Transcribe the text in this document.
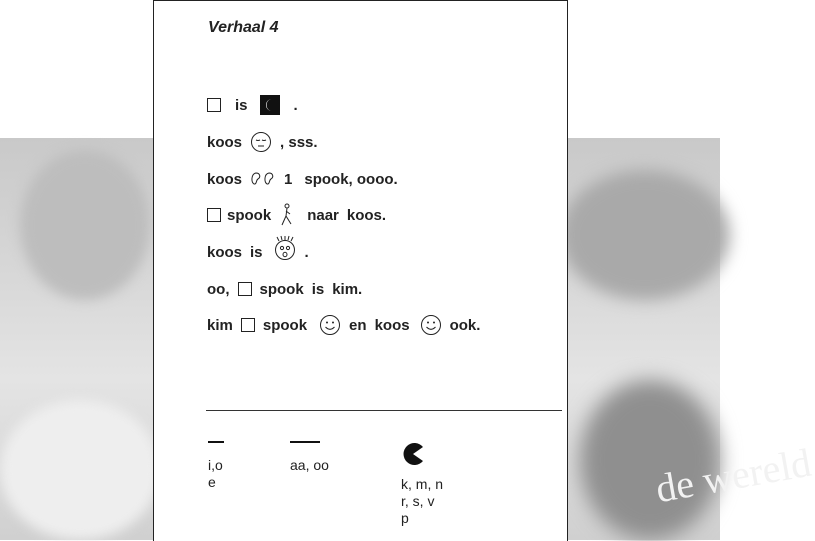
de wereld
Verhaal 4
is	.
koos	, sss.
koos	1 spook, oooo.
spook naar koos.
koos is	.
oo, spook is kim.
kim spook	en koos	ook.
i,o
e
aa, oo
k, m, n
r, s, v
p
